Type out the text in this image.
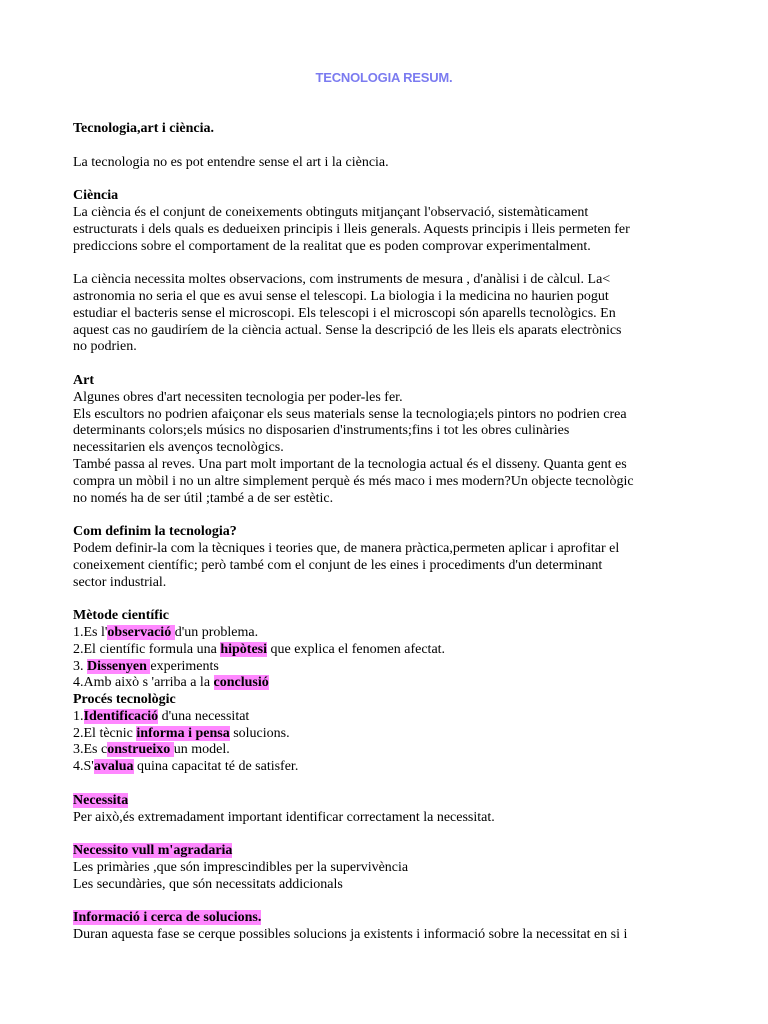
TECNOLOGIA RESUM.

Tecnologia,art i ciència.

La tecnologia no es pot entendre sense el art i la ciència.

Ciència

La ciència és el conjunt de coneixements obtinguts mitjançant l'observació, sistemàticament

estructurats i dels quals es dedueixen principis i lleis generals. Aquests principis i lleis permeten fer

prediccions sobre el comportament de la realitat que es poden comprovar experimentalment.

La ciència necessita moltes observacions, com instruments de mesura , d'anàlisi i de càlcul. La<

astronomia no seria el que es avui sense el telescopi. La biologia i la medicina no haurien pogut

estudiar el bacteris sense el microscopi. Els telescopi i el microscopi són aparells tecnològics. En

aquest cas no gaudiríem de la ciència actual. Sense la descripció de les lleis els aparats electrònics

no podrien.

Art

Algunes obres d'art necessiten tecnologia per poder-les fer.

Els escultors no podrien afaiçonar els seus materials sense la tecnologia;els pintors no podrien crea

determinants colors;els músics no disposarien d'instruments;fins i tot les obres culinàries

necessitarien els avenços tecnològics.

També passa al reves. Una part molt important de la tecnologia actual és el disseny. Quanta gent es

compra un mòbil i no un altre simplement perquè és més maco i mes modern?Un objecte tecnològic

no només ha de ser útil ;també a de ser estètic.

Com definim la tecnologia?

Podem definir-la com la tècniques i teories que, de manera pràctica,permeten aplicar i aprofitar el

coneixement científic; però també com el conjunt de les eines i procediments d'un determinant

sector industrial.

Mètode científic

1.Es l'observació d'un problema.

2.El científic formula una hipòtesi que explica el fenomen afectat.

3. Dissenyen experiments

4.Amb això s 'arriba a la conclusió

Procés tecnològic

1.Identificació d'una necessitat

2.El tècnic informa i pensa solucions.

3.Es construeixo un model.

4.S'avalua quina capacitat té de satisfer.

Necessita

Per això,és extremadament important identificar correctament la necessitat.

Necessito vull m'agradaria

Les primàries ,que són imprescindibles per la supervivència

Les secundàries, que són necessitats addicionals

Informació i cerca de solucions.

Duran aquesta fase se cerque possibles solucions ja existents i informació sobre la necessitat en si i
